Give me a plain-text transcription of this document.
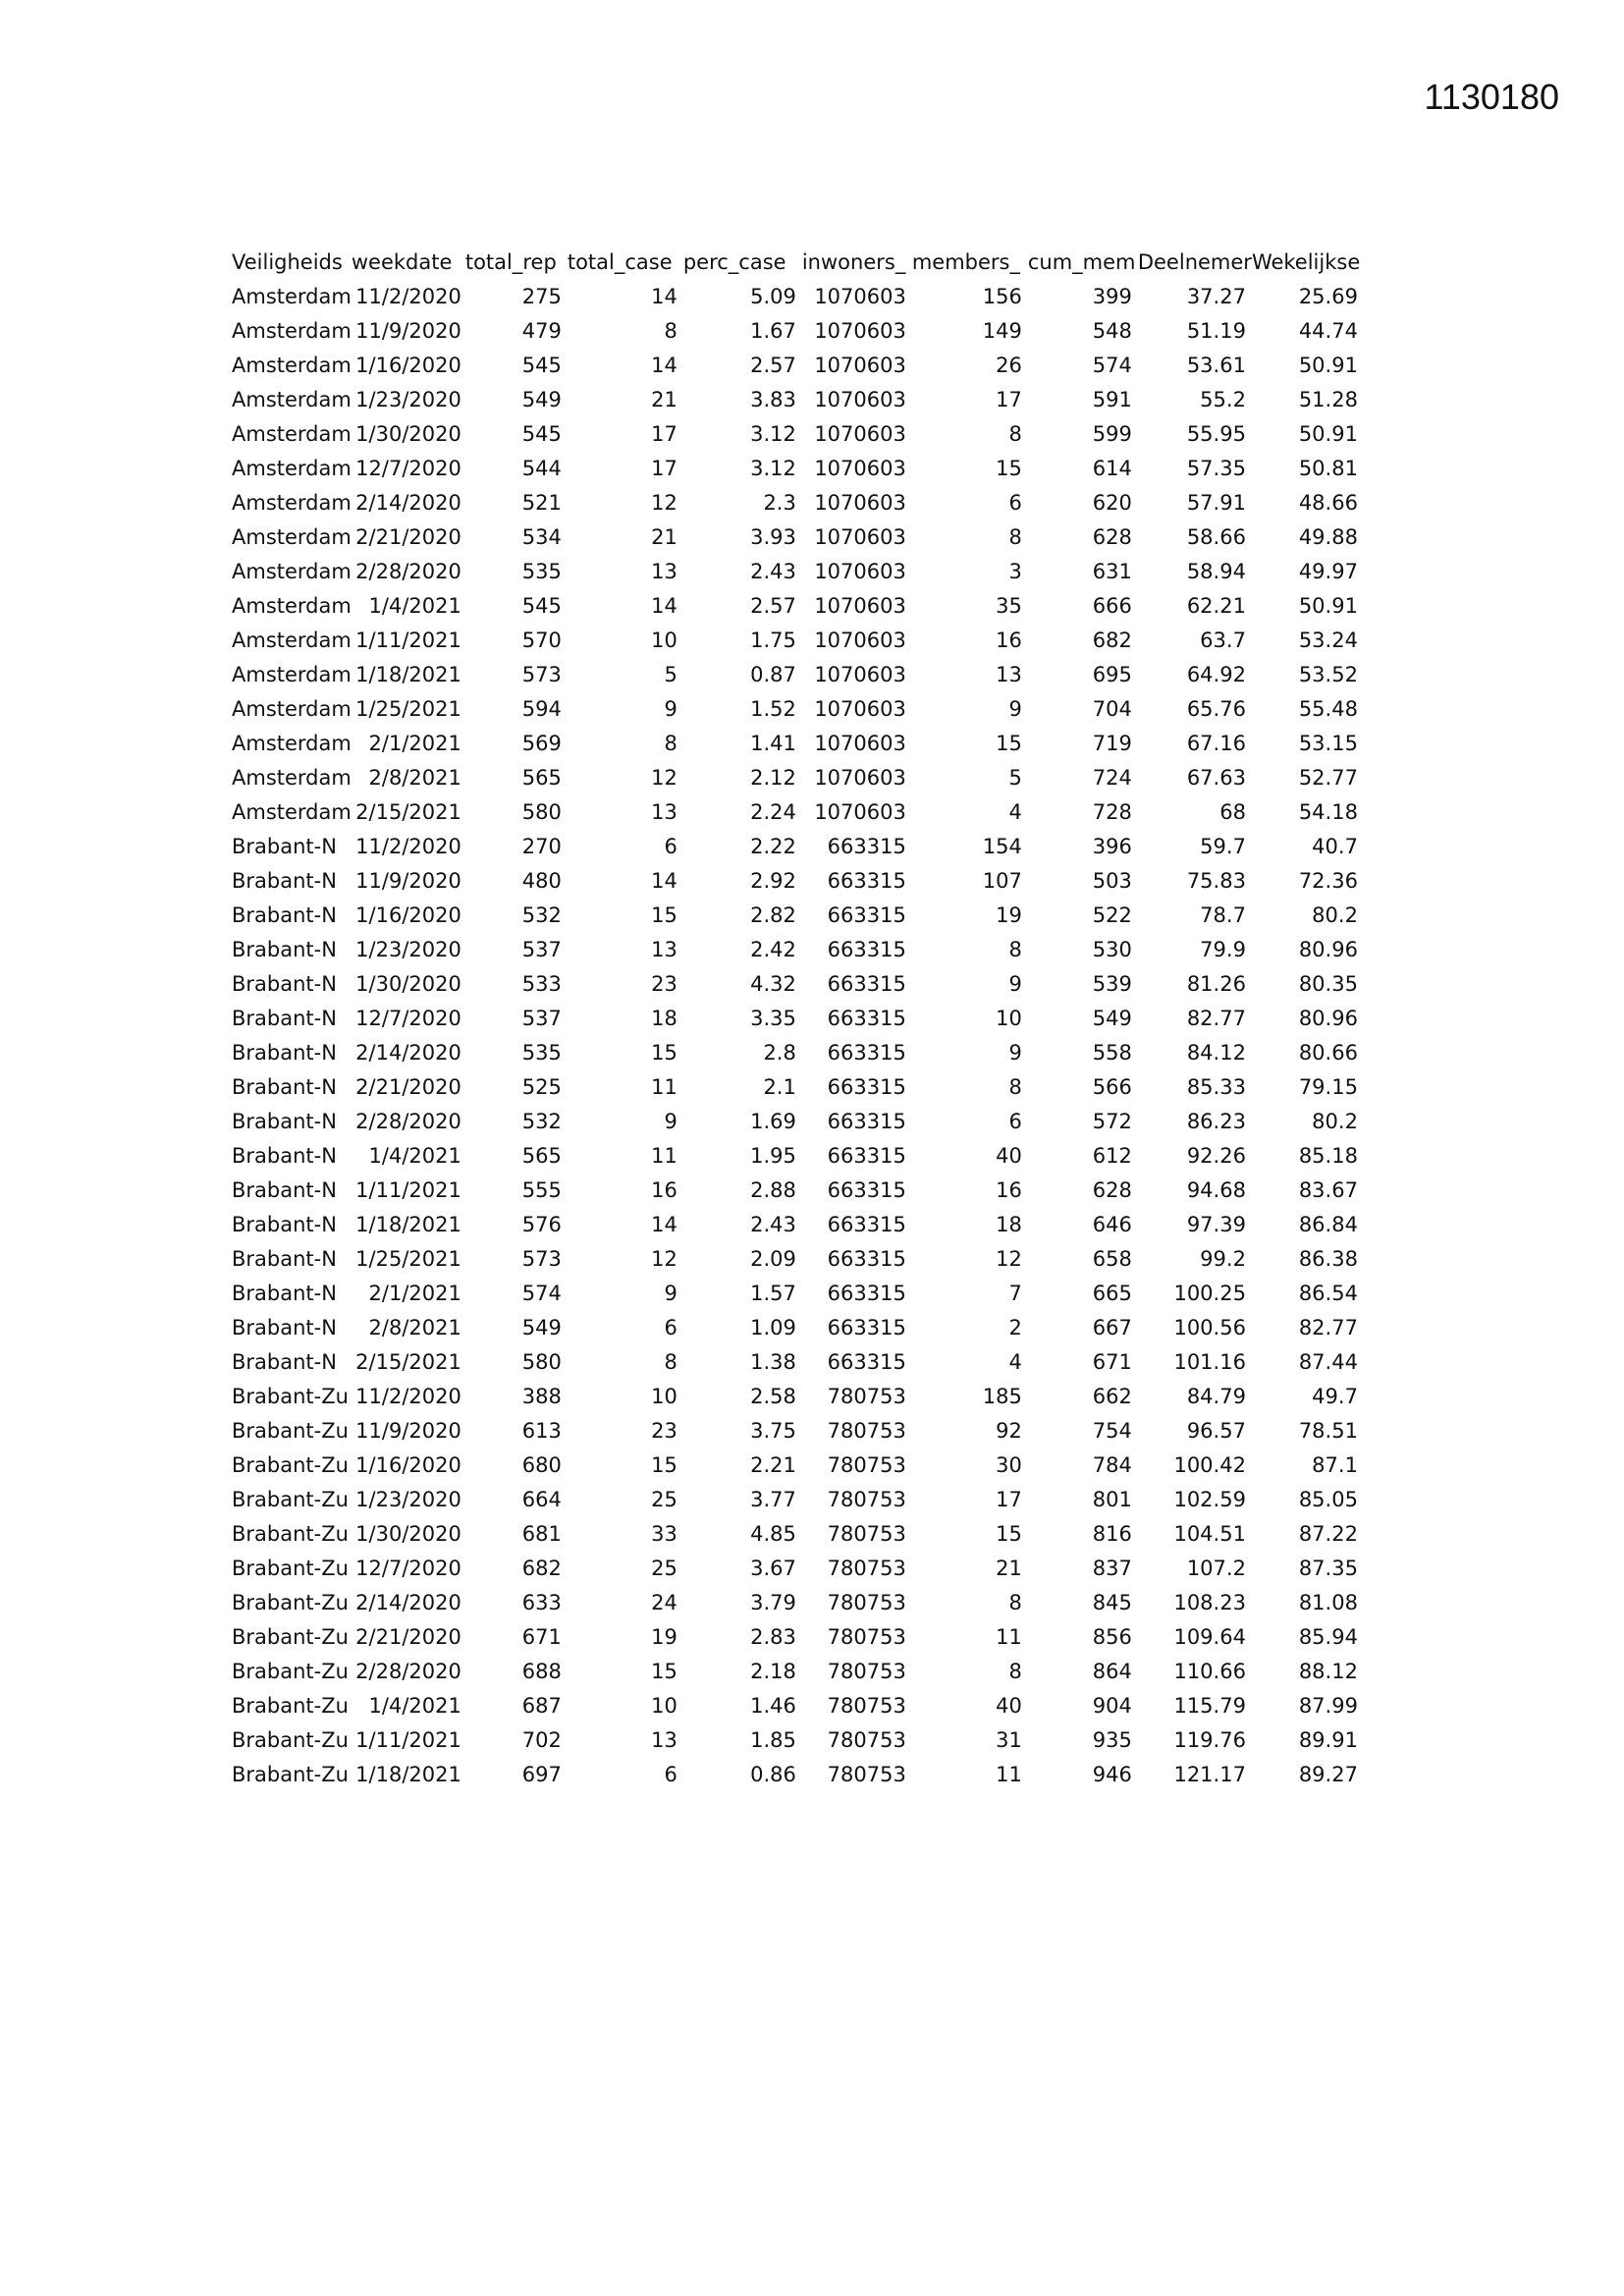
1130180
Veiligheids	weekdate	total_rep	total_case	perc_case	inwoners_	members_	cum_mem	Deelnemer	Wekelijkse
Amsterdam	11/2/2020	275	14	5.09	1070603	156	399	37.27	25.69
Amsterdam	11/9/2020	479	8	1.67	1070603	149	548	51.19	44.74
Amsterdam	1/16/2020	545	14	2.57	1070603	26	574	53.61	50.91
Amsterdam	1/23/2020	549	21	3.83	1070603	17	591	55.2	51.28
Amsterdam	1/30/2020	545	17	3.12	1070603	8	599	55.95	50.91
Amsterdam	12/7/2020	544	17	3.12	1070603	15	614	57.35	50.81
Amsterdam	2/14/2020	521	12	2.3	1070603	6	620	57.91	48.66
Amsterdam	2/21/2020	534	21	3.93	1070603	8	628	58.66	49.88
Amsterdam	2/28/2020	535	13	2.43	1070603	3	631	58.94	49.97
Amsterdam	1/4/2021	545	14	2.57	1070603	35	666	62.21	50.91
Amsterdam	1/11/2021	570	10	1.75	1070603	16	682	63.7	53.24
Amsterdam	1/18/2021	573	5	0.87	1070603	13	695	64.92	53.52
Amsterdam	1/25/2021	594	9	1.52	1070603	9	704	65.76	55.48
Amsterdam	2/1/2021	569	8	1.41	1070603	15	719	67.16	53.15
Amsterdam	2/8/2021	565	12	2.12	1070603	5	724	67.63	52.77
Amsterdam	2/15/2021	580	13	2.24	1070603	4	728	68	54.18
Brabant-N	11/2/2020	270	6	2.22	663315	154	396	59.7	40.7
Brabant-N	11/9/2020	480	14	2.92	663315	107	503	75.83	72.36
Brabant-N	1/16/2020	532	15	2.82	663315	19	522	78.7	80.2
Brabant-N	1/23/2020	537	13	2.42	663315	8	530	79.9	80.96
Brabant-N	1/30/2020	533	23	4.32	663315	9	539	81.26	80.35
Brabant-N	12/7/2020	537	18	3.35	663315	10	549	82.77	80.96
Brabant-N	2/14/2020	535	15	2.8	663315	9	558	84.12	80.66
Brabant-N	2/21/2020	525	11	2.1	663315	8	566	85.33	79.15
Brabant-N	2/28/2020	532	9	1.69	663315	6	572	86.23	80.2
Brabant-N	1/4/2021	565	11	1.95	663315	40	612	92.26	85.18
Brabant-N	1/11/2021	555	16	2.88	663315	16	628	94.68	83.67
Brabant-N	1/18/2021	576	14	2.43	663315	18	646	97.39	86.84
Brabant-N	1/25/2021	573	12	2.09	663315	12	658	99.2	86.38
Brabant-N	2/1/2021	574	9	1.57	663315	7	665	100.25	86.54
Brabant-N	2/8/2021	549	6	1.09	663315	2	667	100.56	82.77
Brabant-N	2/15/2021	580	8	1.38	663315	4	671	101.16	87.44
Brabant-Zu	11/2/2020	388	10	2.58	780753	185	662	84.79	49.7
Brabant-Zu	11/9/2020	613	23	3.75	780753	92	754	96.57	78.51
Brabant-Zu	1/16/2020	680	15	2.21	780753	30	784	100.42	87.1
Brabant-Zu	1/23/2020	664	25	3.77	780753	17	801	102.59	85.05
Brabant-Zu	1/30/2020	681	33	4.85	780753	15	816	104.51	87.22
Brabant-Zu	12/7/2020	682	25	3.67	780753	21	837	107.2	87.35
Brabant-Zu	2/14/2020	633	24	3.79	780753	8	845	108.23	81.08
Brabant-Zu	2/21/2020	671	19	2.83	780753	11	856	109.64	85.94
Brabant-Zu	2/28/2020	688	15	2.18	780753	8	864	110.66	88.12
Brabant-Zu	1/4/2021	687	10	1.46	780753	40	904	115.79	87.99
Brabant-Zu	1/11/2021	702	13	1.85	780753	31	935	119.76	89.91
Brabant-Zu	1/18/2021	697	6	0.86	780753	11	946	121.17	89.27
